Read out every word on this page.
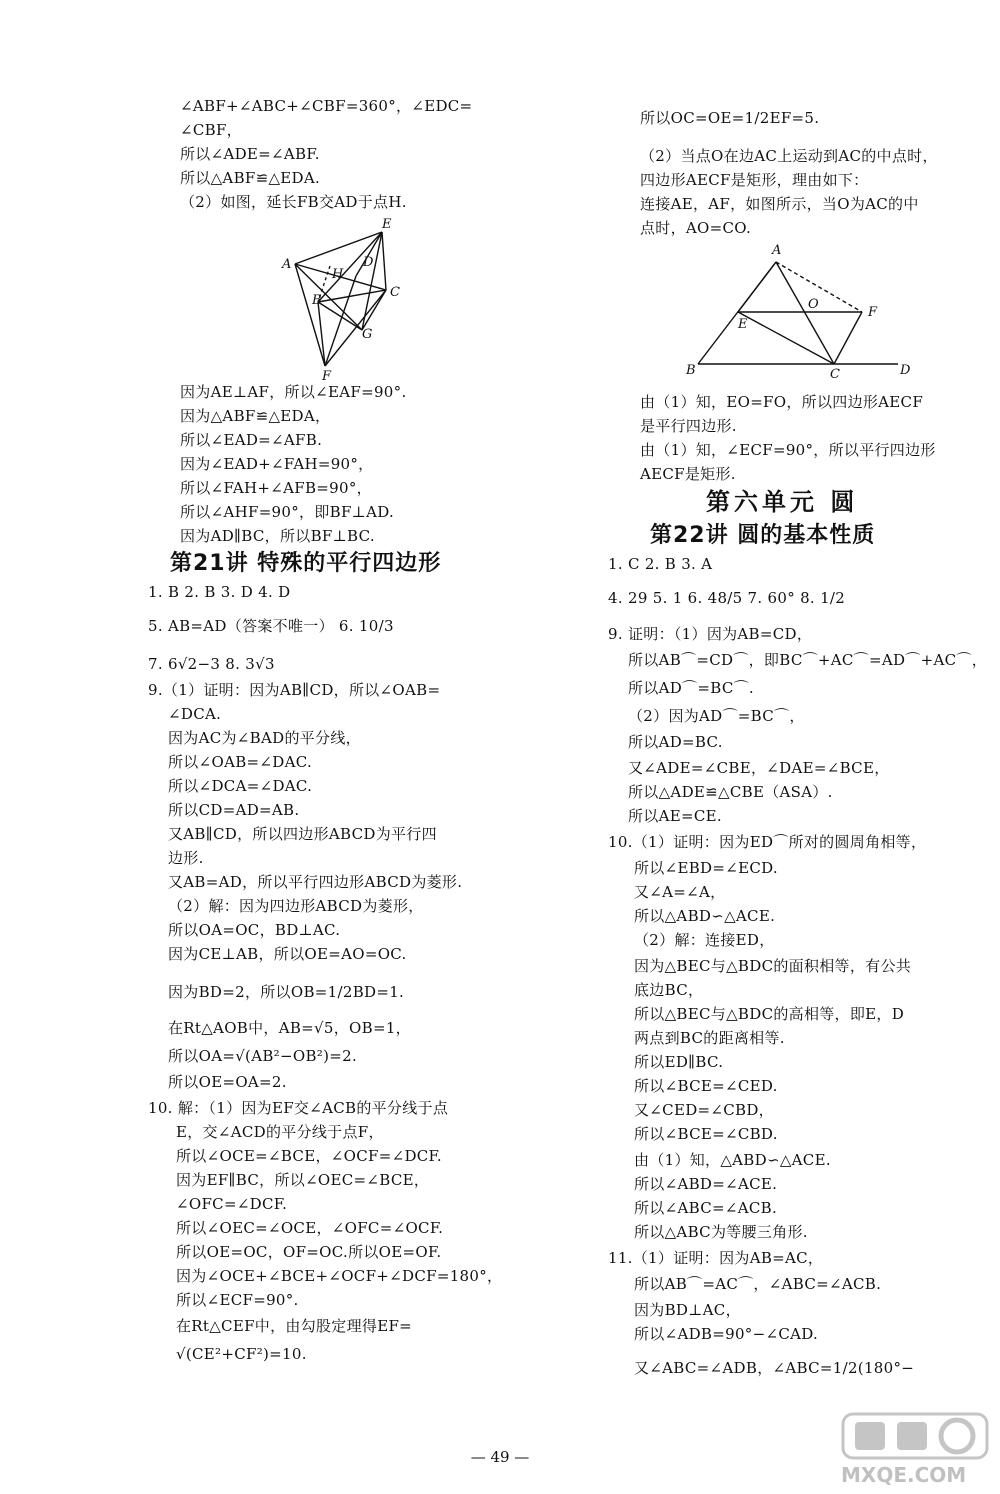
∠ABF+∠ABC+∠CBF=360°，∠EDC=
∠CBF，
所以∠ADE=∠ABF.
所以△ABF≌△EDA.
（2）如图，延长FB交AD于点H.
A
E
H
D
B
C
G
F
因为AE⊥AF，所以∠EAF=90°.
因为△ABF≌△EDA，
所以∠EAD=∠AFB.
因为∠EAD+∠FAH=90°，
所以∠FAH+∠AFB=90°，
所以∠AHF=90°，即BF⊥AD.
因为AD∥BC，所以BF⊥BC.
第21讲 特殊的平行四边形
1. B 2. B 3. D 4. D
5. AB=AD（答案不唯一） 6. 10/3
7. 6√2−3 8. 3√3
9.（1）证明：因为AB∥CD，所以∠OAB=
∠DCA.
因为AC为∠BAD的平分线，
所以∠OAB=∠DAC.
所以∠DCA=∠DAC.
所以CD=AD=AB.
又AB∥CD，所以四边形ABCD为平行四
边形.
又AB=AD，所以平行四边形ABCD为菱形.
（2）解：因为四边形ABCD为菱形，
所以OA=OC，BD⊥AC.
因为CE⊥AB，所以OE=AO=OC.
因为BD=2，所以OB=1/2BD=1.
在Rt△AOB中，AB=√5，OB=1，
所以OA=√(AB²−OB²)=2.
所以OE=OA=2.
10. 解：（1）因为EF交∠ACB的平分线于点
E，交∠ACD的平分线于点F，
所以∠OCE=∠BCE，∠OCF=∠DCF.
因为EF∥BC，所以∠OEC=∠BCE，
∠OFC=∠DCF.
所以∠OEC=∠OCE，∠OFC=∠OCF.
所以OE=OC，OF=OC.所以OE=OF.
因为∠OCE+∠BCE+∠OCF+∠DCF=180°，
所以∠ECF=90°.
在Rt△CEF中，由勾股定理得EF=
√(CE²+CF²)=10.
所以OC=OE=1/2EF=5.
（2）当点O在边AC上运动到AC的中点时，
四边形AECF是矩形，理由如下：
连接AE，AF，如图所示，当O为AC的中
点时，AO=CO.
A
O
F
E
B	C	D
由（1）知，EO=FO，所以四边形AECF
是平行四边形.
由（1）知，∠ECF=90°，所以平行四边形
AECF是矩形.
第六单元 圆
第22讲 圆的基本性质
1. C 2. B 3. A
4. 29 5. 1 6. 48/5 7. 60° 8. 1/2
9. 证明：（1）因为AB=CD，
所以AB⌒=CD⌒，即BC⌒+AC⌒=AD⌒+AC⌒，
所以AD⌒=BC⌒.
（2）因为AD⌒=BC⌒，
所以AD=BC.
又∠ADE=∠CBE，∠DAE=∠BCE，
所以△ADE≌△CBE（ASA）.
所以AE=CE.
10.（1）证明：因为ED⌒所对的圆周角相等，
所以∠EBD=∠ECD.
又∠A=∠A，
所以△ABD∽△ACE.
（2）解：连接ED，
因为△BEC与△BDC的面积相等，有公共
底边BC，
所以△BEC与△BDC的高相等，即E，D
两点到BC的距离相等.
所以ED∥BC.
所以∠BCE=∠CED.
又∠CED=∠CBD，
所以∠BCE=∠CBD.
由（1）知，△ABD∽△ACE.
所以∠ABD=∠ACE.
所以∠ABC=∠ACB.
所以△ABC为等腰三角形.
11.（1）证明：因为AB=AC，
所以AB⌒=AC⌒，∠ABC=∠ACB.
因为BD⊥AC，
所以∠ADB=90°−∠CAD.
又∠ABC=∠ADB，∠ABC=1/2(180°−
— 49 —
MXQE.COM
